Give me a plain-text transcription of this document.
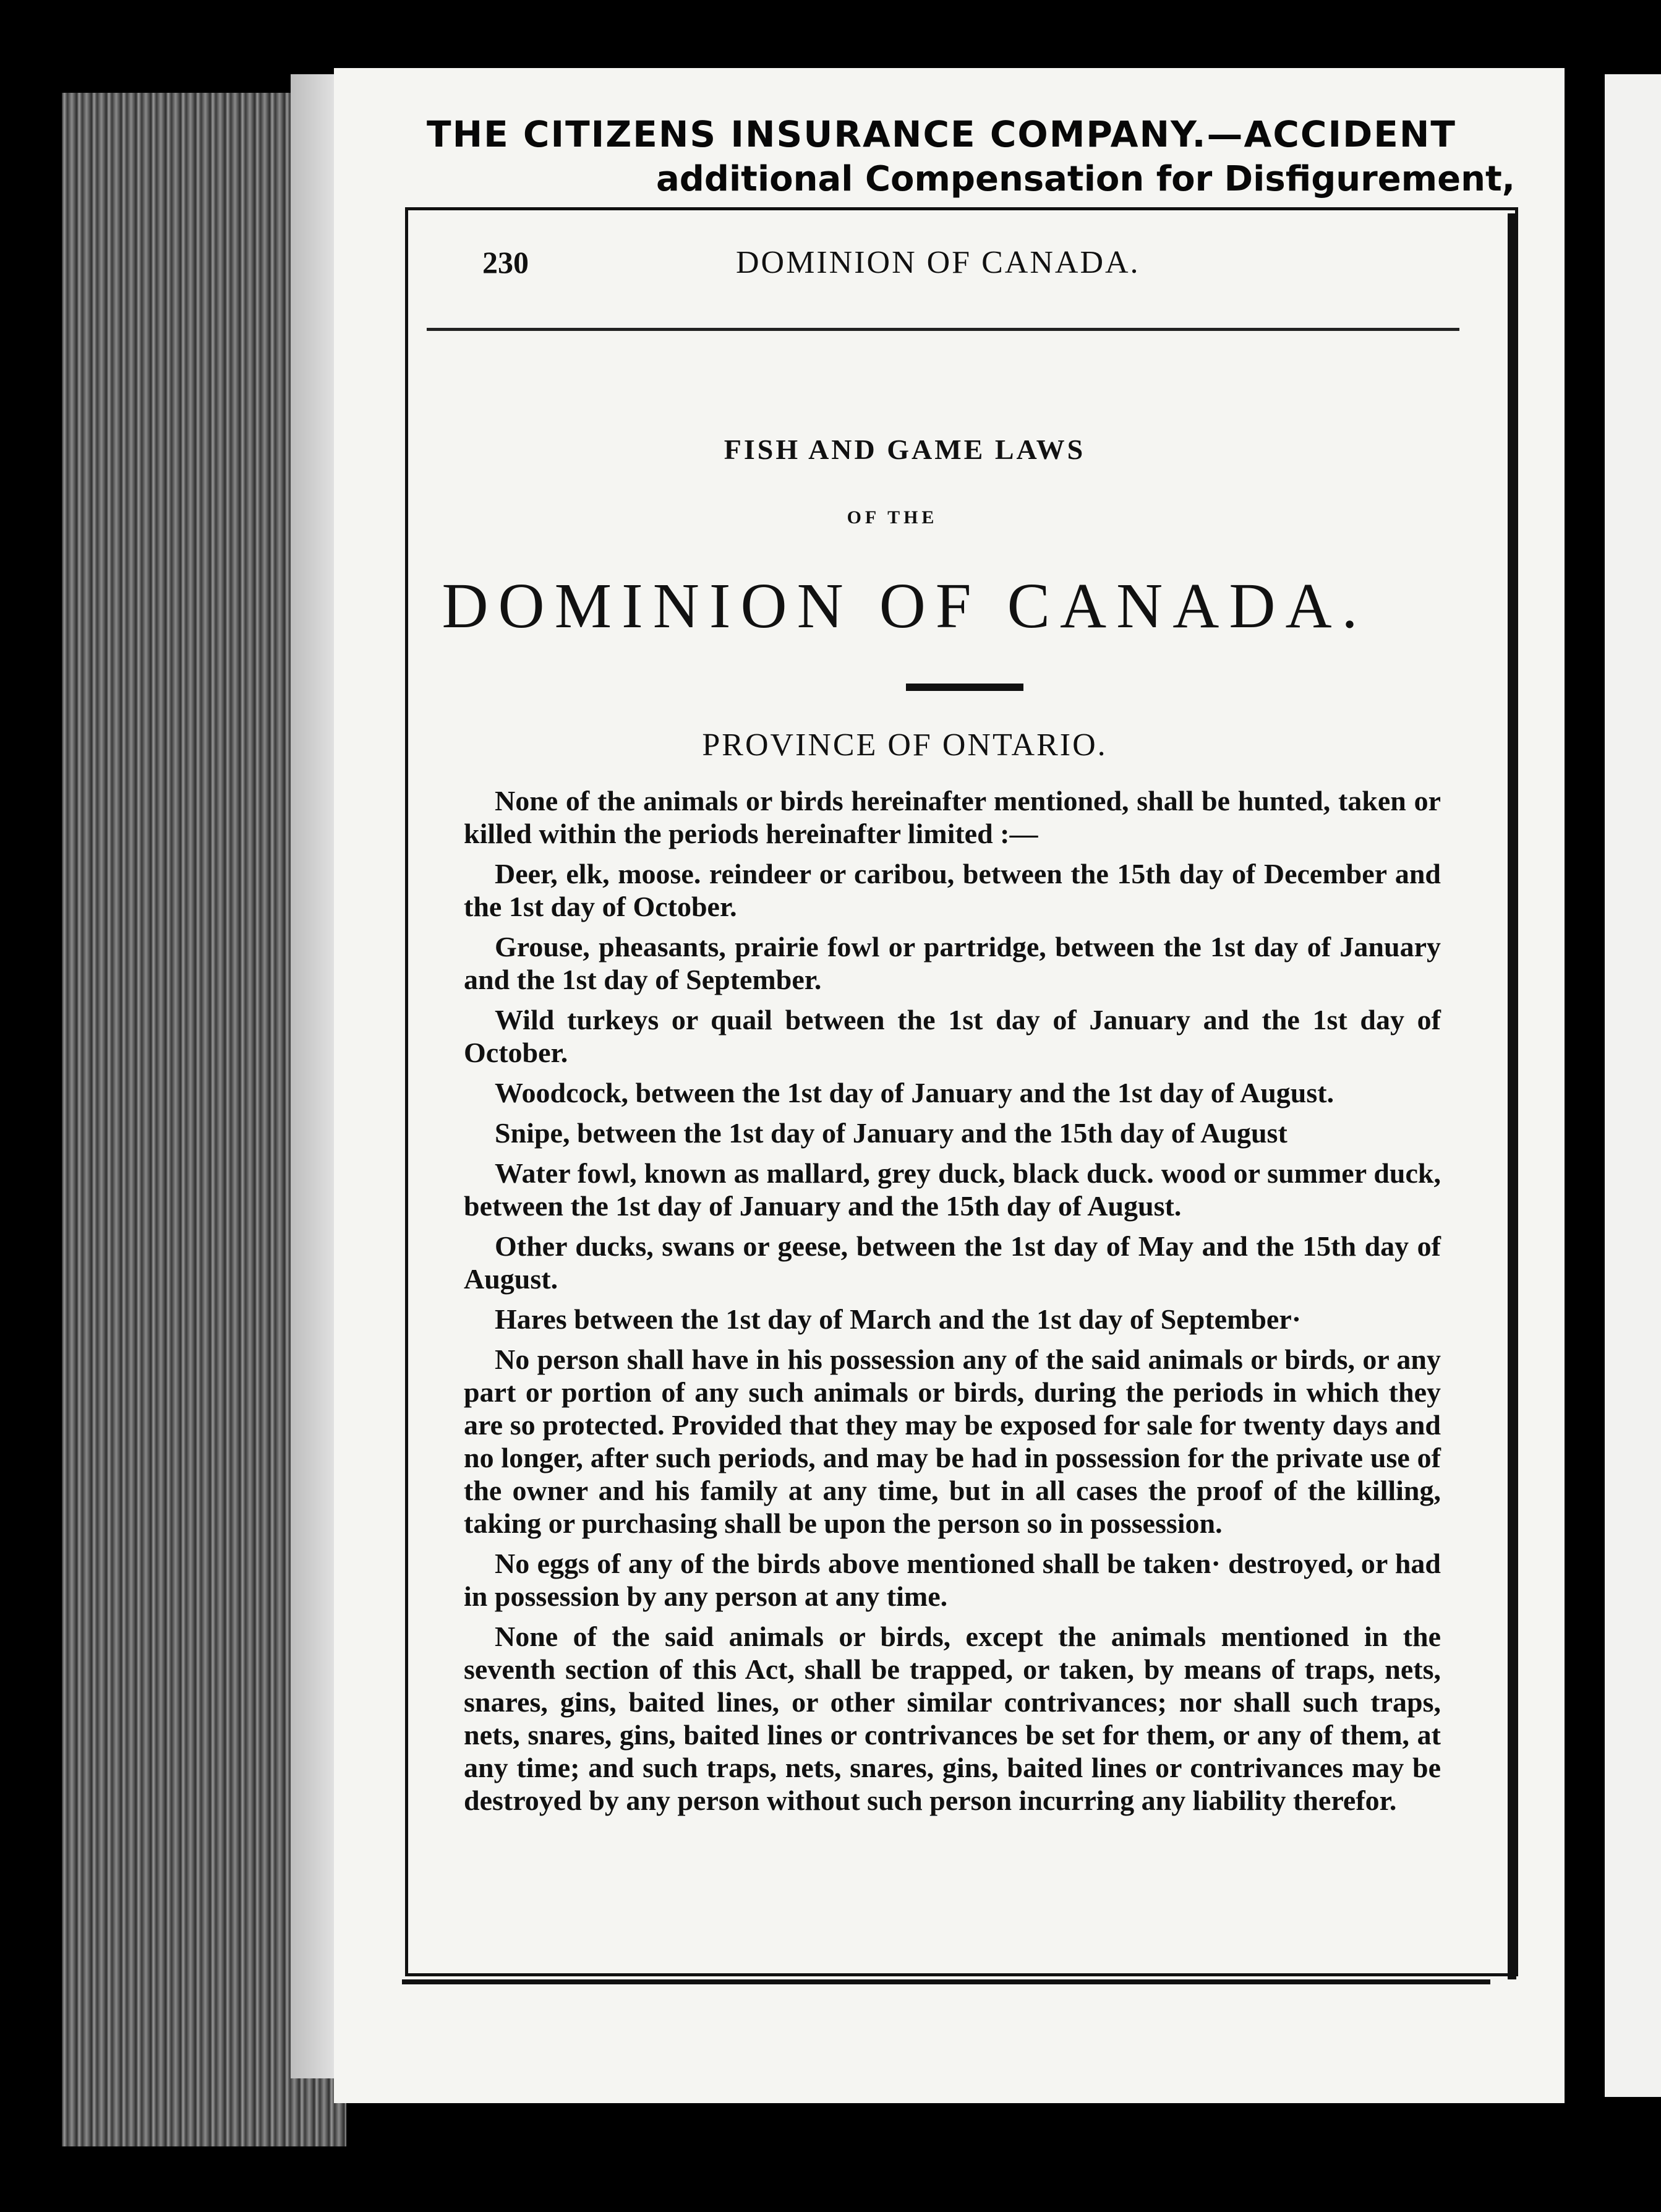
THE CITIZENS INSURANCE COMPANY.—ACCIDENT
additional Compensation for Disfigurement,
230	DOMINION OF CANADA.
FISH AND GAME LAWS
OF THE
DOMINION OF CANADA.
PROVINCE OF ONTARIO.

None of the animals or birds hereinafter mentioned, shall be hunted, taken or killed within the periods hereinafter limited :—

Deer, elk, moose. reindeer or caribou, between the 15th day of December and the 1st day of October.

Grouse, pheasants, prairie fowl or partridge, between the 1st day of January and the 1st day of September.

Wild turkeys or quail between the 1st day of January and the 1st day of October.

Woodcock, between the 1st day of January and the 1st day of August.

Snipe, between the 1st day of January and the 15th day of August

Water fowl, known as mallard, grey duck, black duck. wood or summer duck, between the 1st day of January and the 15th day of August.

Other ducks, swans or geese, between the 1st day of May and the 15th day of August.

Hares between the 1st day of March and the 1st day of September·

No person shall have in his possession any of the said animals or birds, or any part or portion of any such animals or birds, during the periods in which they are so protected. Provided that they may be exposed for sale for twenty days and no longer, after such periods, and may be had in possession for the private use of the owner and his family at any time, but in all cases the proof of the killing, taking or purchasing shall be upon the person so in possession.

No eggs of any of the birds above mentioned shall be taken· destroyed, or had in possession by any person at any time.

None of the said animals or birds, except the animals mentioned in the seventh section of this Act, shall be trapped, or taken, by means of traps, nets, snares, gins, baited lines, or other similar contrivances; nor shall such traps, nets, snares, gins, baited lines or contrivances be set for them, or any of them, at any time; and such traps, nets, snares, gins, baited lines or contrivances may be destroyed by any person without such person incurring any liability therefor.
